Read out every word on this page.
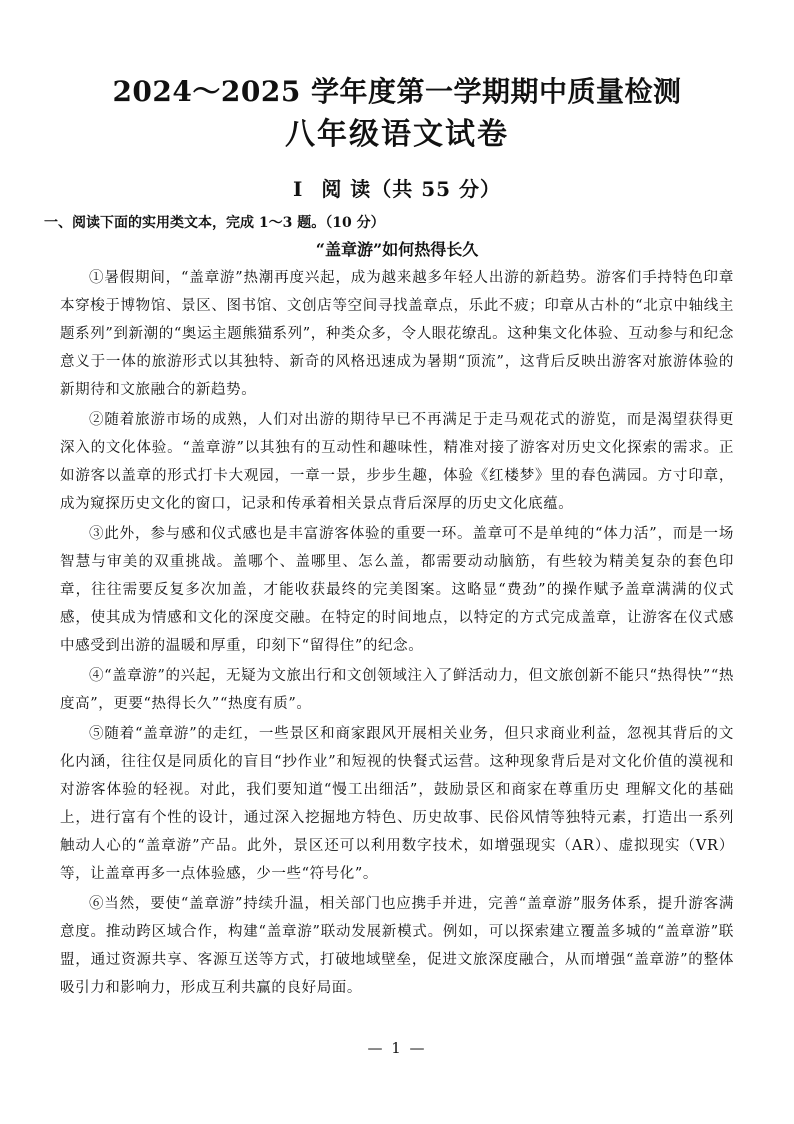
2024～2025 学年度第一学期期中质量检测
八年级语文试卷
Ⅰ 阅 读（共 55 分）
一、阅读下面的实用类文本，完成 1～3 题。（10 分）
“盖章游”如何热得长久

①暑假期间，“盖章游”热潮再度兴起，成为越来越多年轻人出游的新趋势。游客们手持特色印章本穿梭于博物馆、景区、图书馆、文创店等空间寻找盖章点，乐此不疲；印章从古朴的“北京中轴线主题系列”到新潮的“奥运主题熊猫系列”，种类众多，令人眼花缭乱。这种集文化体验、互动参与和纪念意义于一体的旅游形式以其独特、新奇的风格迅速成为暑期“顶流”，这背后反映出游客对旅游体验的新期待和文旅融合的新趋势。

②随着旅游市场的成熟，人们对出游的期待早已不再满足于走马观花式的游览，而是渴望获得更深入的文化体验。“盖章游”以其独有的互动性和趣味性，精准对接了游客对历史文化探索的需求。正如游客以盖章的形式打卡大观园，一章一景，步步生趣，体验《红楼梦》里的春色满园。方寸印章，成为窥探历史文化的窗口，记录和传承着相关景点背后深厚的历史文化底蕴。

③此外，参与感和仪式感也是丰富游客体验的重要一环。盖章可不是单纯的“体力活”，而是一场智慧与审美的双重挑战。盖哪个、盖哪里、怎么盖，都需要动动脑筋，有些较为精美复杂的套色印章，往往需要反复多次加盖，才能收获最终的完美图案。这略显“费劲”的操作赋予盖章满满的仪式感，使其成为情感和文化的深度交融。在特定的时间地点，以特定的方式完成盖章，让游客在仪式感中感受到出游的温暖和厚重，印刻下“留得住”的纪念。

④“盖章游”的兴起，无疑为文旅出行和文创领域注入了鲜活动力，但文旅创新不能只“热得快”“热度高”，更要“热得长久”“热度有质”。

⑤随着“盖章游”的走红，一些景区和商家跟风开展相关业务，但只求商业利益，忽视其背后的文化内涵，往往仅是同质化的盲目“抄作业”和短视的快餐式运营。这种现象背后是对文化价值的漠视和对游客体验的轻视。对此，我们要知道“慢工出细活”，鼓励景区和商家在尊重历史 理解文化的基础上，进行富有个性的设计，通过深入挖掘地方特色、历史故事、民俗风情等独特元素，打造出一系列触动人心的“盖章游”产品。此外，景区还可以利用数字技术，如增强现实（AR）、虚拟现实（VR）等，让盖章再多一点体验感，少一些“符号化”。

⑥当然，要使“盖章游”持续升温，相关部门也应携手并进，完善“盖章游”服务体系，提升游客满意度。推动跨区域合作，构建“盖章游”联动发展新模式。例如，可以探索建立覆盖多城的“盖章游”联盟，通过资源共享、客源互送等方式，打破地域壁垒，促进文旅深度融合，从而增强“盖章游”的整体吸引力和影响力，形成互利共赢的良好局面。

— 1 —
